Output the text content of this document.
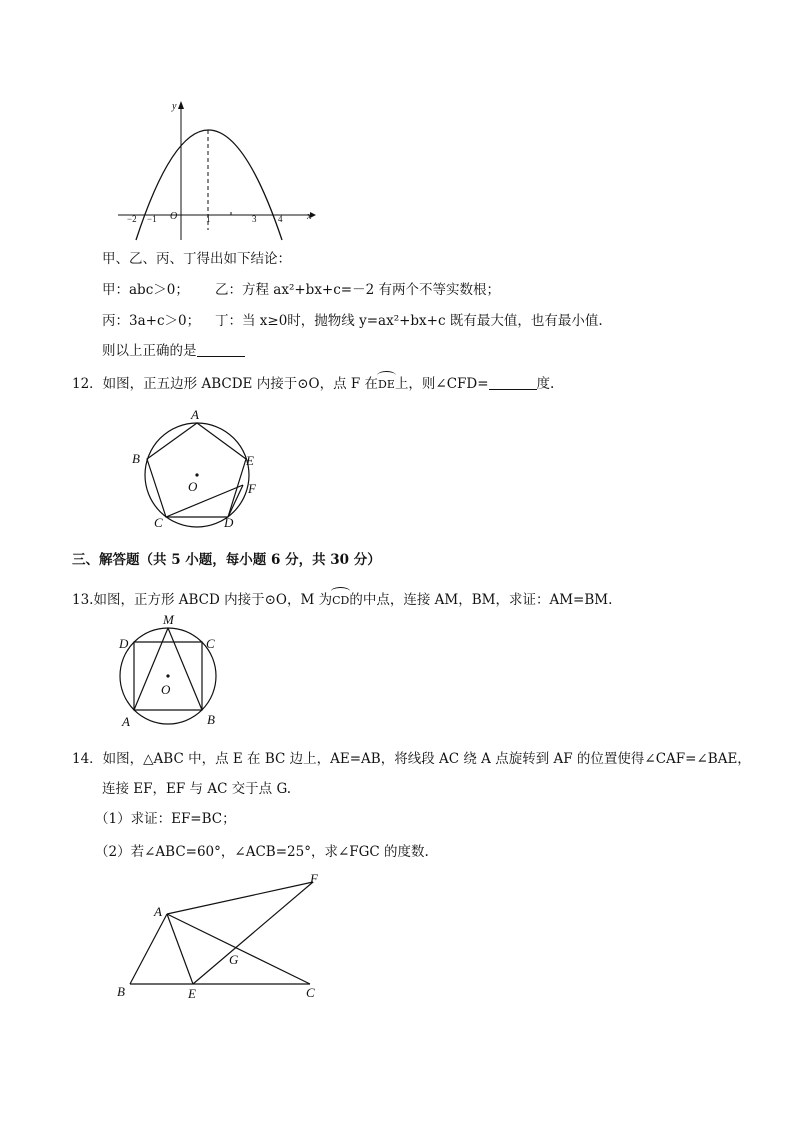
y
x
O
−2 −1	1	3 4
甲、乙、丙、丁得出如下结论：
甲：abc＞0； 乙：方程 ax²+bx+c=－2 有两个不等实数根；
丙：3a+c＞0； 丁：当 x≥0时，抛物线 y=ax²+bx+c 既有最大值，也有最小值.
则以上正确的是
12．如图，正五边形 ABCDE 内接于⊙O，点 F 在DE上，则∠CFD=	度.
A
B
C	D
E
F
O
三、解答题（共 5 小题，每小题 6 分，共 30 分）
13.如图，正方形 ABCD 内接于⊙O，M 为CD的中点，连接 AM，BM，求证：AM=BM.
M
D	C
O
A	B
14．如图，△ABC 中，点 E 在 BC 边上，AE=AB，将线段 AC 绕 A 点旋转到 AF 的位置使得∠CAF=∠BAE，
连接 EF，EF 与 AC 交于点 G.
（1）求证：EF=BC；
（2）若∠ABC=60°，∠ACB=25°，求∠FGC 的度数.
F
A
G
B	E	C
